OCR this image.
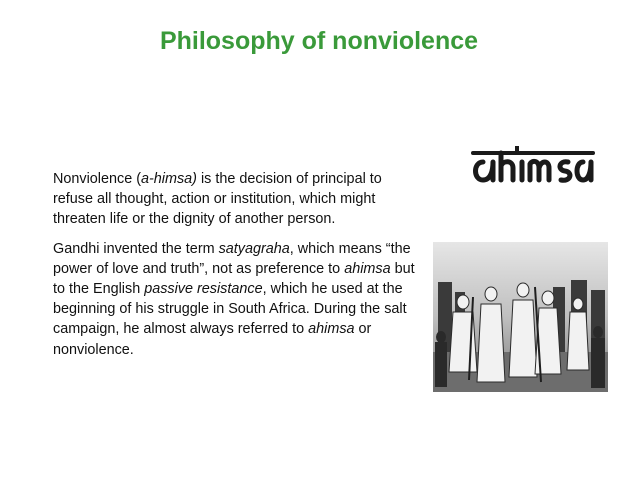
Philosophy of nonviolence

Nonviolence (a-himsa) is the decision of principal to refuse all thought, action or institution, which might threaten life or the dignity of another person.

Gandhi invented the term satyagraha, which means “the power of love and truth”, not as preference to ahimsa but to the English passive resistance, which he used at the beginning of his struggle in South Africa. During the salt campaign, he almost always referred to ahimsa or nonviolence.
